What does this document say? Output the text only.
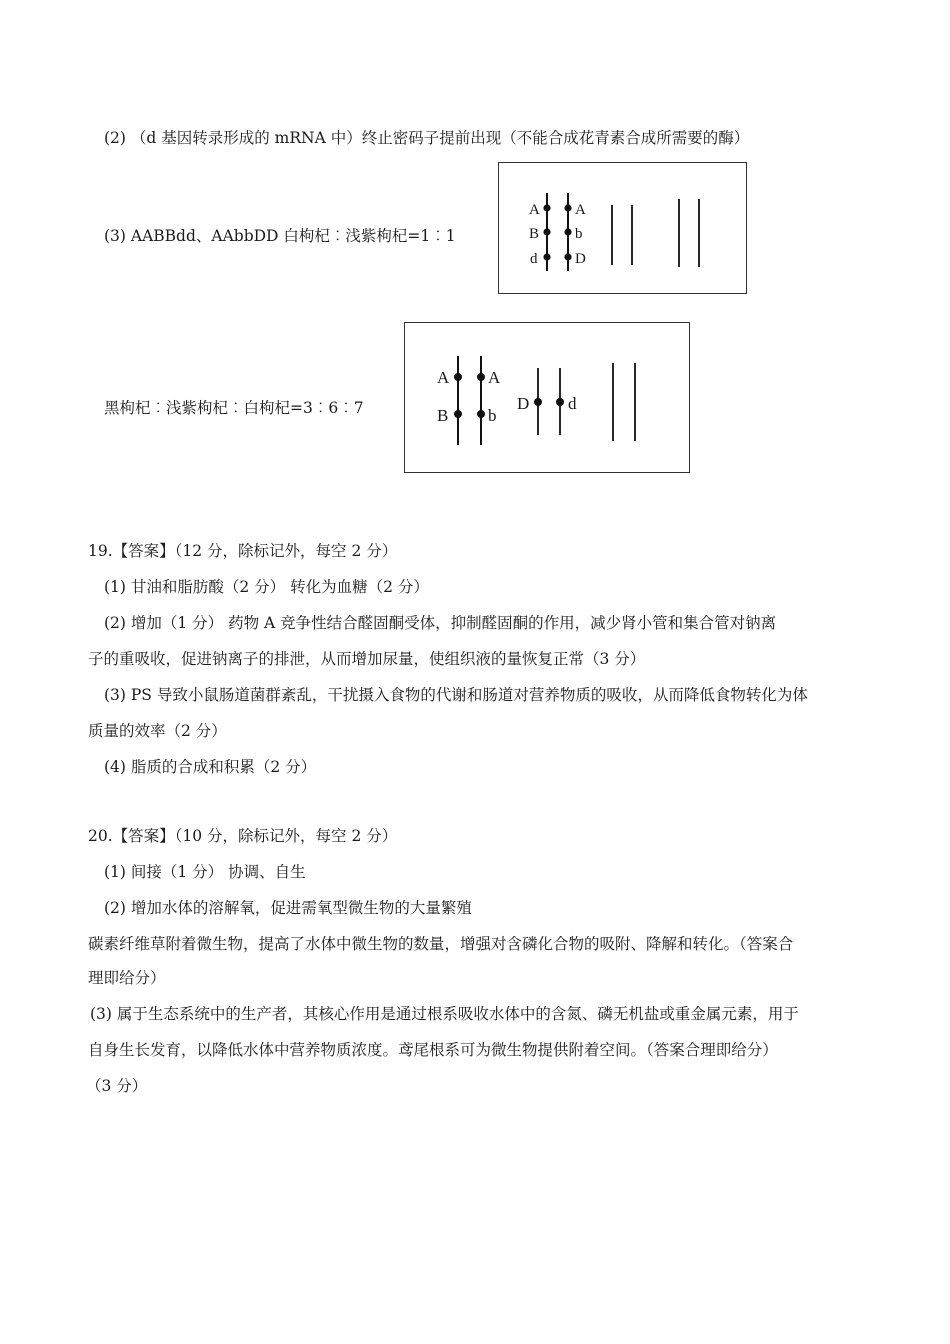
(2) （d 基因转录形成的 mRNA 中）终止密码子提前出现（不能合成花青素合成所需要的酶）
(3) AABBdd、AAbbDD 白枸杞︰浅紫枸杞=1︰1
A
B
d
A
b
D
A
B
A
b
D d
黑枸杞︰浅紫枸杞︰白枸杞=3︰6︰7
19.【答案】（12 分，除标记外，每空 2 分）
(1) 甘油和脂肪酸（2 分） 转化为血糖（2 分）
(2) 增加（1 分） 药物 A 竞争性结合醛固酮受体，抑制醛固酮的作用，减少肾小管和集合管对钠离
子的重吸收，促进钠离子的排泄，从而增加尿量，使组织液的量恢复正常（3 分）
(3) PS 导致小鼠肠道菌群紊乱，干扰摄入食物的代谢和肠道对营养物质的吸收，从而降低食物转化为体
质量的效率（2 分）
(4) 脂质的合成和积累（2 分）
20.【答案】（10 分，除标记外，每空 2 分）
(1) 间接（1 分） 协调、自生
(2) 增加水体的溶解氧，促进需氧型微生物的大量繁殖
碳素纤维草附着微生物，提高了水体中微生物的数量，增强对含磷化合物的吸附、降解和转化。（答案合
理即给分）
(3) 属于生态系统中的生产者，其核心作用是通过根系吸收水体中的含氮、磷无机盐或重金属元素，用于
自身生长发育，以降低水体中营养物质浓度。鸢尾根系可为微生物提供附着空间。（答案合理即给分）
（3 分）
